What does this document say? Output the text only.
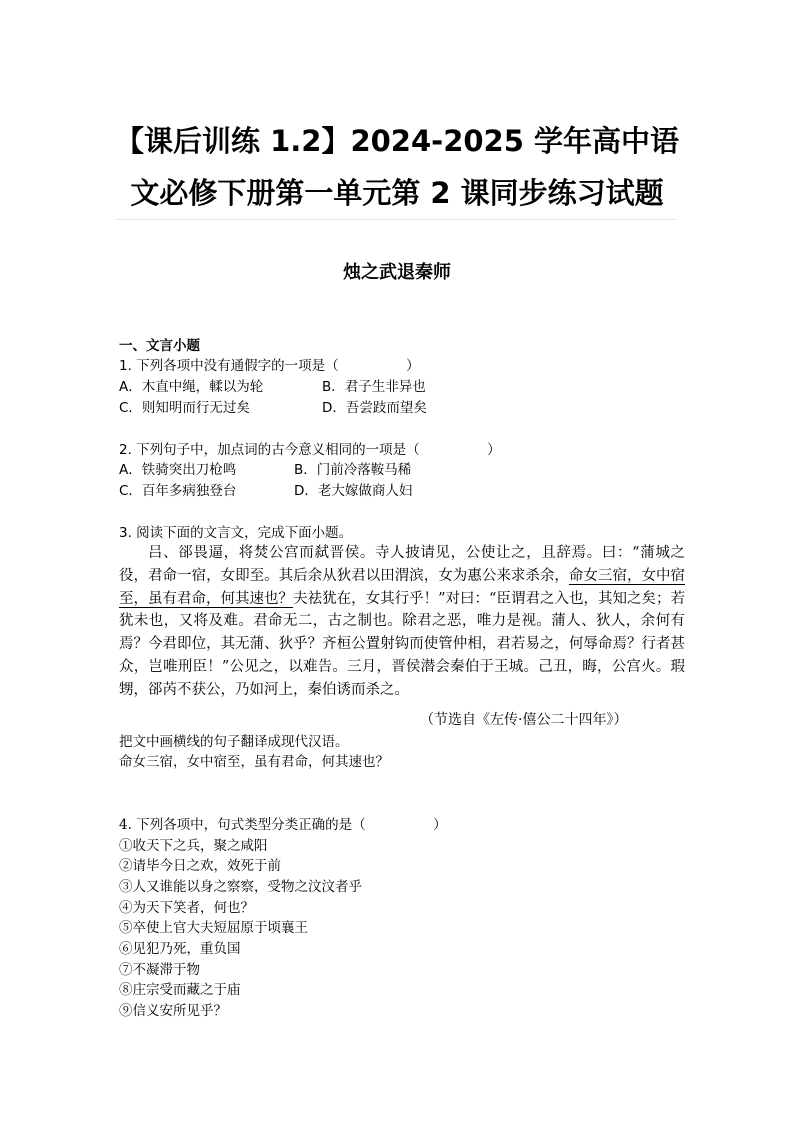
【课后训练 1.2】2024-2025 学年高中语
文必修下册第一单元第 2 课同步练习试题
烛之武退秦师
一、文言小题
1. 下列各项中没有通假字的一项是（　　　　　）
A．木直中绳，輮以为轮	B．君子生非异也
C．则知明而行无过矣	D．吾尝跂而望矣
2. 下列句子中，加点词的古今意义相同的一项是（　　　　　）
A．铁骑突出刀枪鸣	B．门前冷落鞍马稀
C．百年多病独登台	D．老大嫁做商人妇
3. 阅读下面的文言文，完成下面小题。

吕、郤畏逼，将焚公宫而弑晋侯。寺人披请见，公使让之，且辞焉。曰：“蒲城之役，君命一宿，女即至。其后余从狄君以田渭滨，女为惠公来求杀余，命女三宿，女中宿至，虽有君命，何其速也？夫祛犹在，女其行乎！”对曰：“臣谓君之入也，其知之矣；若犹未也，又将及难。君命无二，古之制也。除君之恶，唯力是视。蒲人、狄人，余何有焉？今君即位，其无蒲、狄乎？齐桓公置射钩而使管仲相，君若易之，何辱命焉？行者甚众，岂唯刑臣！”公见之，以难告。三月，晋侯潜会秦伯于王城。己丑，晦，公宫火。瑕甥，郤芮不获公，乃如河上，秦伯诱而杀之。

（节选自《左传·僖公二十四年》）
把文中画横线的句子翻译成现代汉语。
命女三宿，女中宿至，虽有君命，何其速也？
4. 下列各项中，句式类型分类正确的是（　　　　　）
①收天下之兵，聚之咸阳
②请毕今日之欢，效死于前
③人又谁能以身之察察，受物之汶汶者乎
④为天下笑者，何也？
⑤卒使上官大夫短屈原于顷襄王
⑥见犯乃死，重负国
⑦不凝滞于物
⑧庄宗受而藏之于庙
⑨信义安所见乎？
